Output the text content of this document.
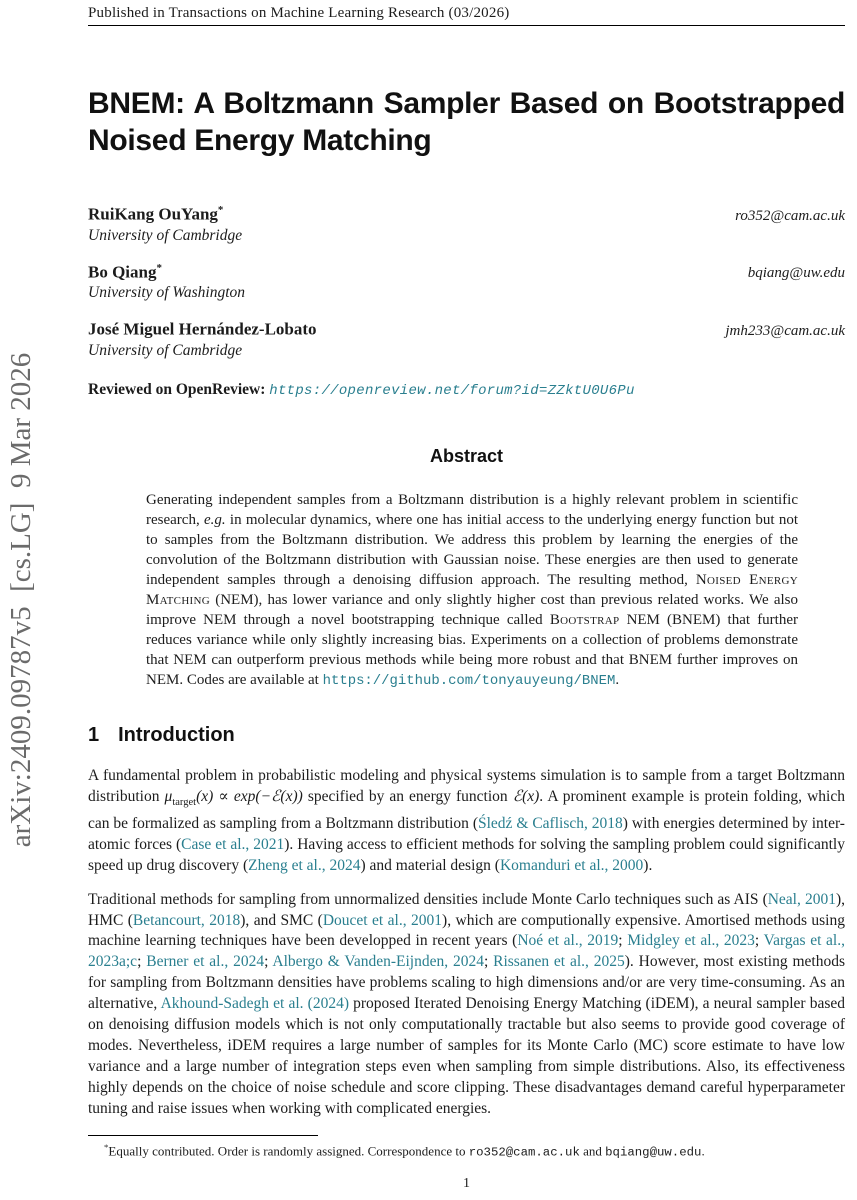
arXiv:2409.09787v5  [cs.LG]  9 Mar 2026
Published in Transactions on Machine Learning Research (03/2026)
BNEM: A Boltzmann Sampler Based on Bootstrapped
Noised Energy Matching
RuiKang OuYang*	ro352@cam.ac.uk
University of Cambridge
Bo Qiang*	bqiang@uw.edu
University of Washington
José Miguel Hernández-Lobato	jmh233@cam.ac.uk
University of Cambridge
Reviewed on OpenReview: https://openreview.net/forum?id=ZZktU0U6Pu
Abstract
Generating independent samples from a Boltzmann distribution is a highly relevant problem in scientific research, e.g. in molecular dynamics, where one has initial access to the underlying energy function but not to samples from the Boltzmann distribution. We address this problem by learning the energies of the convolution of the Boltzmann distribution with Gaussian noise. These energies are then used to generate independent samples through a denoising diffusion approach. The resulting method, Noised Energy Matching (NEM), has lower variance and only slightly higher cost than previous related works. We also improve NEM through a novel bootstrapping technique called Bootstrap NEM (BNEM) that further reduces variance while only slightly increasing bias. Experiments on a collection of problems demonstrate that NEM can outperform previous methods while being more robust and that BNEM further improves on NEM. Codes are available at https://github.com/tonyauyeung/BNEM.
1 Introduction
A fundamental problem in probabilistic modeling and physical systems simulation is to sample from a target Boltzmann distribution $\mu_{target}(x)$ ∝ exp(−ℰ(x)) specified by an energy function ℰ(x). A prominent example is protein folding, which can be formalized as sampling from a Boltzmann distribution (Śledź & Caflisch, 2018) with energies determined by inter-atomic forces (Case et al., 2021). Having access to efficient methods for solving the sampling problem could significantly speed up drug discovery (Zheng et al., 2024) and material design (Komanduri et al., 2000).
Traditional methods for sampling from unnormalized densities include Monte Carlo techniques such as AIS (Neal, 2001), HMC (Betancourt, 2018), and SMC (Doucet et al., 2001), which are computionally expensive. Amortised methods using machine learning techniques have been developped in recent years (Noé et al., 2019; Midgley et al., 2023; Vargas et al., 2023a;c; Berner et al., 2024; Albergo & Vanden-Eijnden, 2024; Rissanen et al., 2025). However, most existing methods for sampling from Boltzmann densities have problems scaling to high dimensions and/or are very time-consuming. As an alternative, Akhound-Sadegh et al. (2024) proposed Iterated Denoising Energy Matching (iDEM), a neural sampler based on denoising diffusion models which is not only computationally tractable but also seems to provide good coverage of modes. Nevertheless, iDEM requires a large number of samples for its Monte Carlo (MC) score estimate to have low variance and a large number of integration steps even when sampling from simple distributions. Also, its effectiveness highly depends on the choice of noise schedule and score clipping. These disadvantages demand careful hyperparameter tuning and raise issues when working with complicated energies.
*Equally contributed. Order is randomly assigned. Correspondence to ro352@cam.ac.uk and bqiang@uw.edu.
1
